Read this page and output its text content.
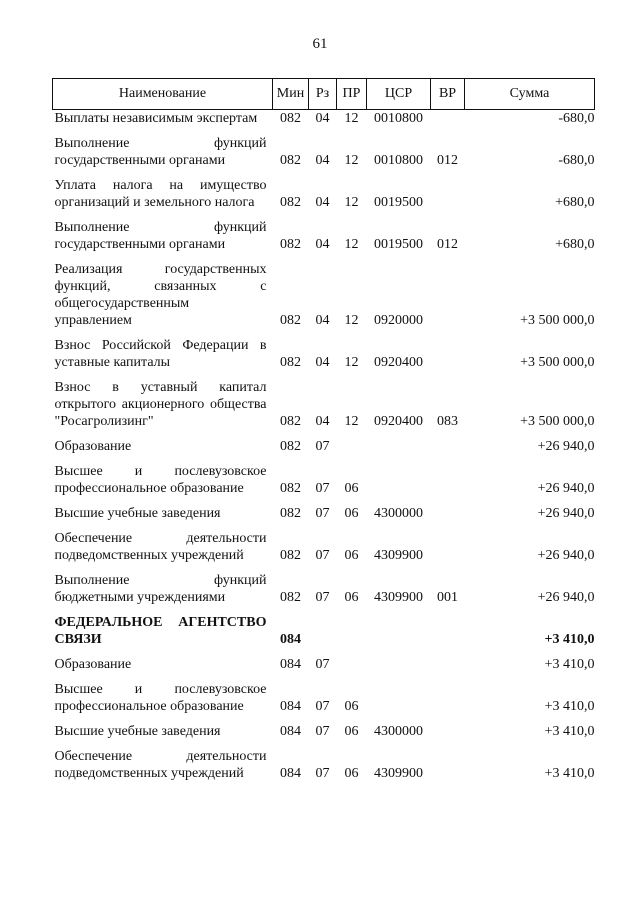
61
Наименование	Мин	Рз	ПР	ЦСР	ВР	Сумма
Выплаты независимым экспертам	082	04	12	0010800		-680,0
Выполнение функций государственными органами	082	04	12	0010800	012	-680,0
Уплата налога на имущество организаций и земельного налога	082	04	12	0019500		+680,0
Выполнение функций государственными органами	082	04	12	0019500	012	+680,0
Реализация государственных функций, связанных с общегосударственным управлением	082	04	12	0920000		+3 500 000,0
Взнос Российской Федерации в уставные капиталы	082	04	12	0920400		+3 500 000,0
Взнос в уставный капитал открытого акционерного общества "Росагролизинг"	082	04	12	0920400	083	+3 500 000,0
Образование	082	07				+26 940,0
Высшее и послевузовское профессиональное образование	082	07	06			+26 940,0
Высшие учебные заведения	082	07	06	4300000		+26 940,0
Обеспечение деятельности подведомственных учреждений	082	07	06	4309900		+26 940,0
Выполнение функций бюджетными учреждениями	082	07	06	4309900	001	+26 940,0
ФЕДЕРАЛЬНОЕ АГЕНТСТВО СВЯЗИ	084					+3 410,0
Образование	084	07				+3 410,0
Высшее и послевузовское профессиональное образование	084	07	06			+3 410,0
Высшие учебные заведения	084	07	06	4300000		+3 410,0
Обеспечение деятельности подведомственных учреждений	084	07	06	4309900		+3 410,0
